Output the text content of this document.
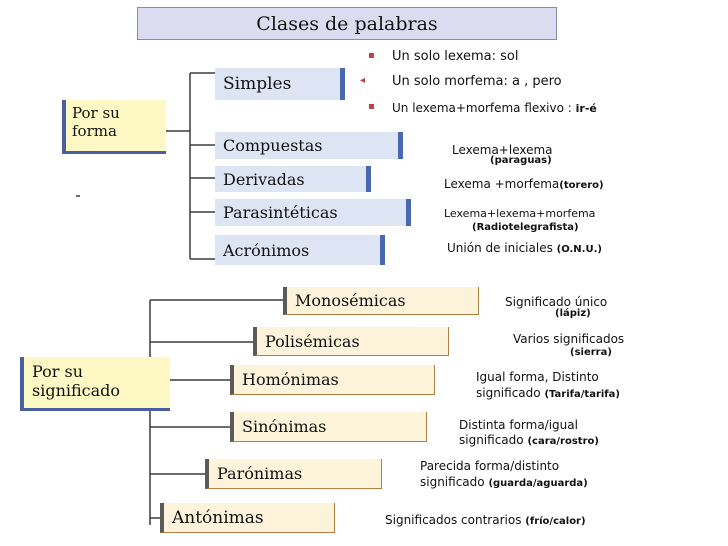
Clases de palabras
Por su
forma
Simples
Compuestas
Derivadas
Parasintéticas
Acrónimos
▪ Un solo lexema: sol
◂ Un solo morfema: a , pero
▪ Un lexema+morfema flexivo : ir-é
Lexema+lexema
(paraguas)
Lexema +morfema(torero)
Lexema+lexema+morfema
(Radiotelegrafista)
Unión de iniciales (O.N.U.)
Por su
significado
Monosémicas
Polisémicas
Homónimas
Sinónimas
Parónimas
Antónimas
Significado único
(lápiz)
Varios significados
(sierra)
Igual forma, Distinto
significado (Tarifa/tarifa)
Distinta forma/igual
significado (cara/rostro)
Parecida forma/distinto
significado (guarda/aguarda)
Significados contrarios (frío/calor)
